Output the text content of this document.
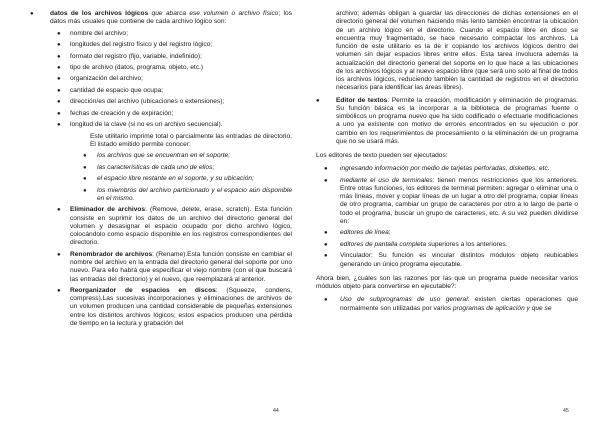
● datos de los archivos lógicos que abarca ese volumen o archivo físico; los datos más usuales que contiene de cada archivo lógico son:
● nombre del archivo;
● longitudes del registro físico y del registro lógico;
● formato del registro (fijo, variable, indefinido);
● tipo de archivo (datos, programa, objeto, etc.)
● organización del archivo;
● cantidad de espacio que ocupa;
● dirección/es del archivo (ubicaciones o extensiones);
● fechas de creación y de expiración;
● longitud de la clave (si no es un archivo secuencial).

Este utilitario imprime total o parcialmente las entradas de directorio. El listado emitido permite conocer:

● los archivos que se encuentran en el soporte;
● las características de cada uno de ellos;
● el espacio libre restante en el soporte, y su ubicación;
● los miembros del archivo particionado y el espacio aún disponible en el mismo.
● Eliminador de archivos: (Remove, delete, erase, scratch). Esta función consiste en suprimir los datos de un archivo del directorio general del volumen y desasignar el espacio ocupado por dicho archivo lógico, colocándolo como espacio disponible en los registros correspondientes del directorio.
● Renombrador de archivos: (Rename).Esta función consiste en cambiar el nombre del archivo en la entrada del directorio general del soporte por uno nuevo. Para ello habrá que especificar el viejo nombre (con el que buscará las entradas del directorio) y el nuevo, que reemplazará al anterior.
● Reorganizador de espacios en discos: (Squeeze, condens, compress).Las sucesivas incorporaciones y eliminaciones de archivos de un volumen producen una cantidad considerable de pequeñas extensiones entre los distintos archivos lógicos; estos espacios producen una pérdida de tiempo en la lectura y grabación del

archivo; además obligan a guardar las direcciones de dichas extensiones en el directorio general del volumen haciendo más lento también encontrar la ubicación de un archivo lógico en el directorio. Cuando el espacio libre en disco se encuentra muy fragmentado, se hace necesario compactar los archivos. La función de este utilitario es la de ir copiando los archivos lógicos dentro del volumen sin dejar espacios libres entre ellos. Esta tarea involucra además la actualización del directorio general del soporte en lo que hace a las ubicaciones de los archivos lógicos y al nuevo espacio libre (que será uno solo al final de todos los archivos lógicos, reduciendo también la cantidad de registros en el directorio necesarios para identificar las áreas libres).

● Editor de textos: Permite la creación, modificación y eliminación de programas. Su función básica es la incorporar a la biblioteca de programas fuente o simbólicos un programa nuevo que ha sido codificado o efectuarle modificaciones a uno ya existente con motivo de errores encontrados en su ejecución o por cambio en los requerimientos de procesamiento o la eliminación de un programa que no se usará más.

Los editores de texto pueden ser ejecutados:

● ingresando información por medio de tarjetas perforadas, diskettes, etc.
● mediante el uso de terminales: tienen menos restricciones que los anteriores. Entre otras funciones, los editores de terminal permiten: agregar o eliminar una o más líneas, mover y copiar líneas de un lugar a otro del programa, copiar líneas de otro programa, cambiar un grupo de caracteres por otro a lo largo de parte o todo el programa, buscar un grupo de caracteres, etc. A su vez pueden dividirse en:
● editores de línea;
● editores de pantalla completa superiores a los anteriores.
● Vinculador: Su función es vincular distintos módulos objeto reubicables generando un único programa ejecutable.

Ahora bien, ¿cuáles son las razones por las que un programa puede necesitar varios módulos objeto para convertirse en ejecutable?:

● Uso de subprogramas de uso general: existen ciertas operaciones que normalmente son utilizadas por varios programas de aplicación y que se
44	45
